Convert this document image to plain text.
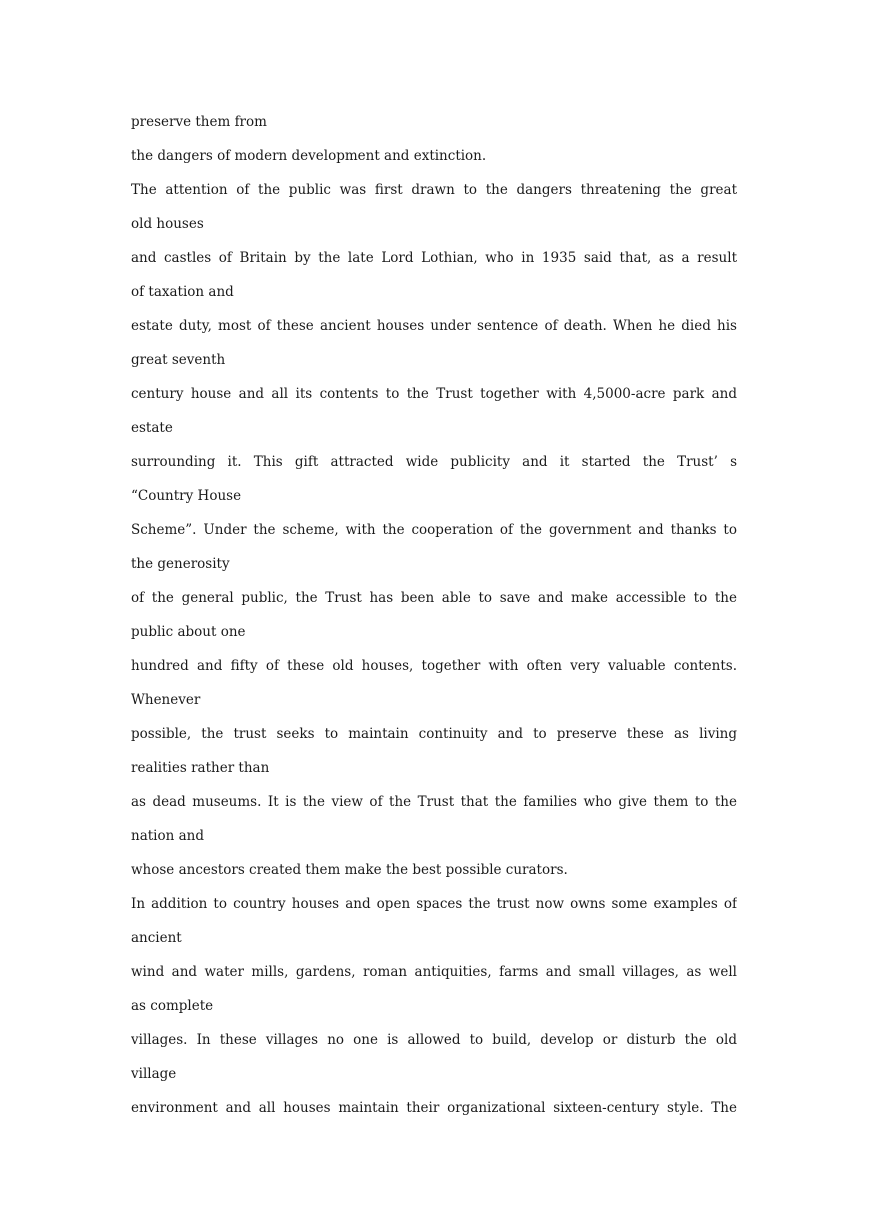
preserve them from
the dangers of modern development and extinction.
The attention of the public was first drawn to the dangers threatening the great
old houses
and castles of Britain by the late Lord Lothian, who in 1935 said that, as a result
of taxation and
estate duty, most of these ancient houses under sentence of death. When he died his
great seventh
century house and all its contents to the Trust together with 4,5000-acre park and
estate
surrounding it. This gift attracted wide publicity and it started the Trust’ s
“Country House
Scheme”. Under the scheme, with the cooperation of the government and thanks to
the generosity
of the general public, the Trust has been able to save and make accessible to the
public about one
hundred and fifty of these old houses, together with often very valuable contents.
Whenever
possible, the trust seeks to maintain continuity and to preserve these as living
realities rather than
as dead museums. It is the view of the Trust that the families who give them to the
nation and
whose ancestors created them make the best possible curators.
In addition to country houses and open spaces the trust now owns some examples of
ancient
wind and water mills, gardens, roman antiquities, farms and small villages, as well
as complete
villages. In these villages no one is allowed to build, develop or disturb the old
village
environment and all houses maintain their organizational sixteen-century style. The
